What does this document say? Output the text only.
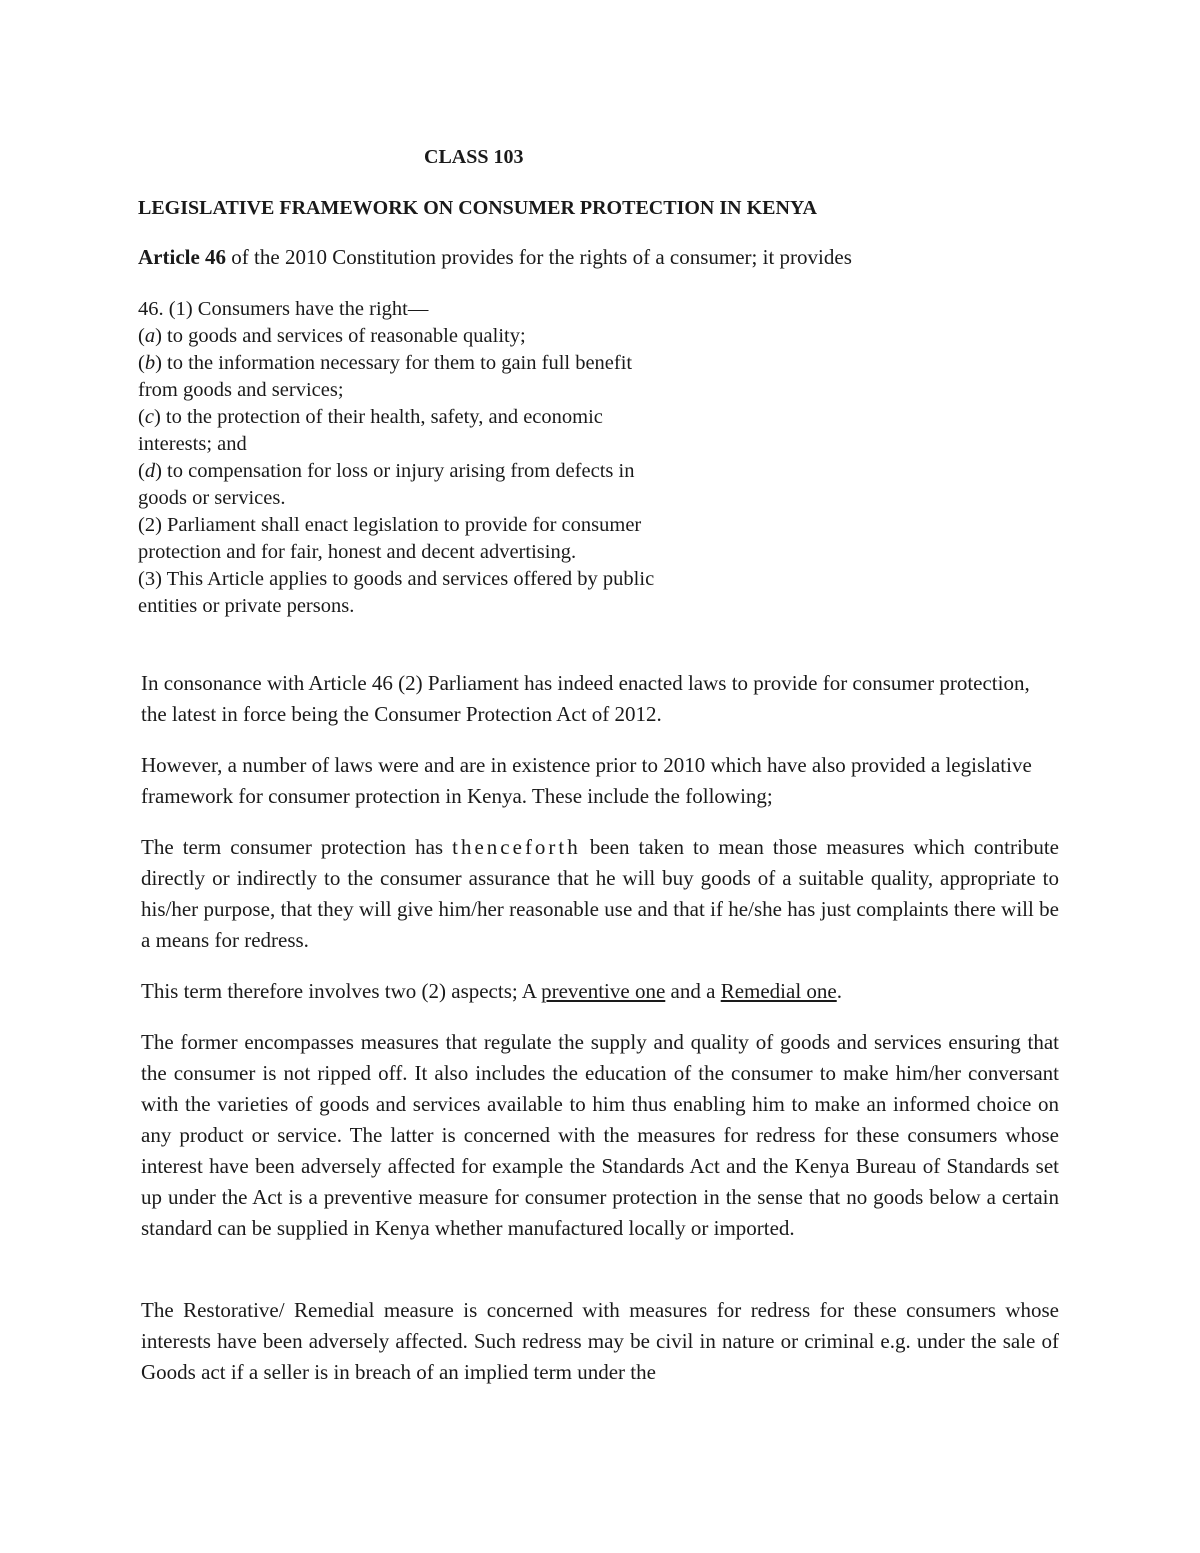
CLASS 103
LEGISLATIVE FRAMEWORK ON CONSUMER PROTECTION IN KENYA
Article 46 of the 2010 Constitution provides for the rights of a consumer; it provides
46. (1) Consumers have the right—
(a) to goods and services of reasonable quality;
(b) to the information necessary for them to gain full benefit
from goods and services;
(c) to the protection of their health, safety, and economic
interests; and
(d) to compensation for loss or injury arising from defects in
goods or services.
(2) Parliament shall enact legislation to provide for consumer
protection and for fair, honest and decent advertising.
(3) This Article applies to goods and services offered by public
entities or private persons.

In consonance with Article 46 (2) Parliament has indeed enacted laws to provide for consumer protection, the latest in force being the Consumer Protection Act of 2012.

However, a number of laws were and are in existence prior to 2010 which have also provided a legislative framework for consumer protection in Kenya. These include the following;

The term consumer protection has thenceforth been taken to mean those measures which contribute directly or indirectly to the consumer assurance that he will buy goods of a suitable quality, appropriate to his/her purpose, that they will give him/her reasonable use and that if he/she has just complaints there will be a means for redress.

This term therefore involves two (2) aspects; A preventive one and a Remedial one.

The former encompasses measures that regulate the supply and quality of goods and services ensuring that the consumer is not ripped off. It also includes the education of the consumer to make him/her conversant with the varieties of goods and services available to him thus enabling him to make an informed choice on any product or service. The latter is concerned with the measures for redress for these consumers whose interest have been adversely affected for example the Standards Act and the Kenya Bureau of Standards set up under the Act is a preventive measure for consumer protection in the sense that no goods below a certain standard can be supplied in Kenya whether manufactured locally or imported.

The Restorative/ Remedial measure is concerned with measures for redress for these consumers whose interests have been adversely affected. Such redress may be civil in nature or criminal e.g. under the sale of Goods act if a seller is in breach of an implied term under the
